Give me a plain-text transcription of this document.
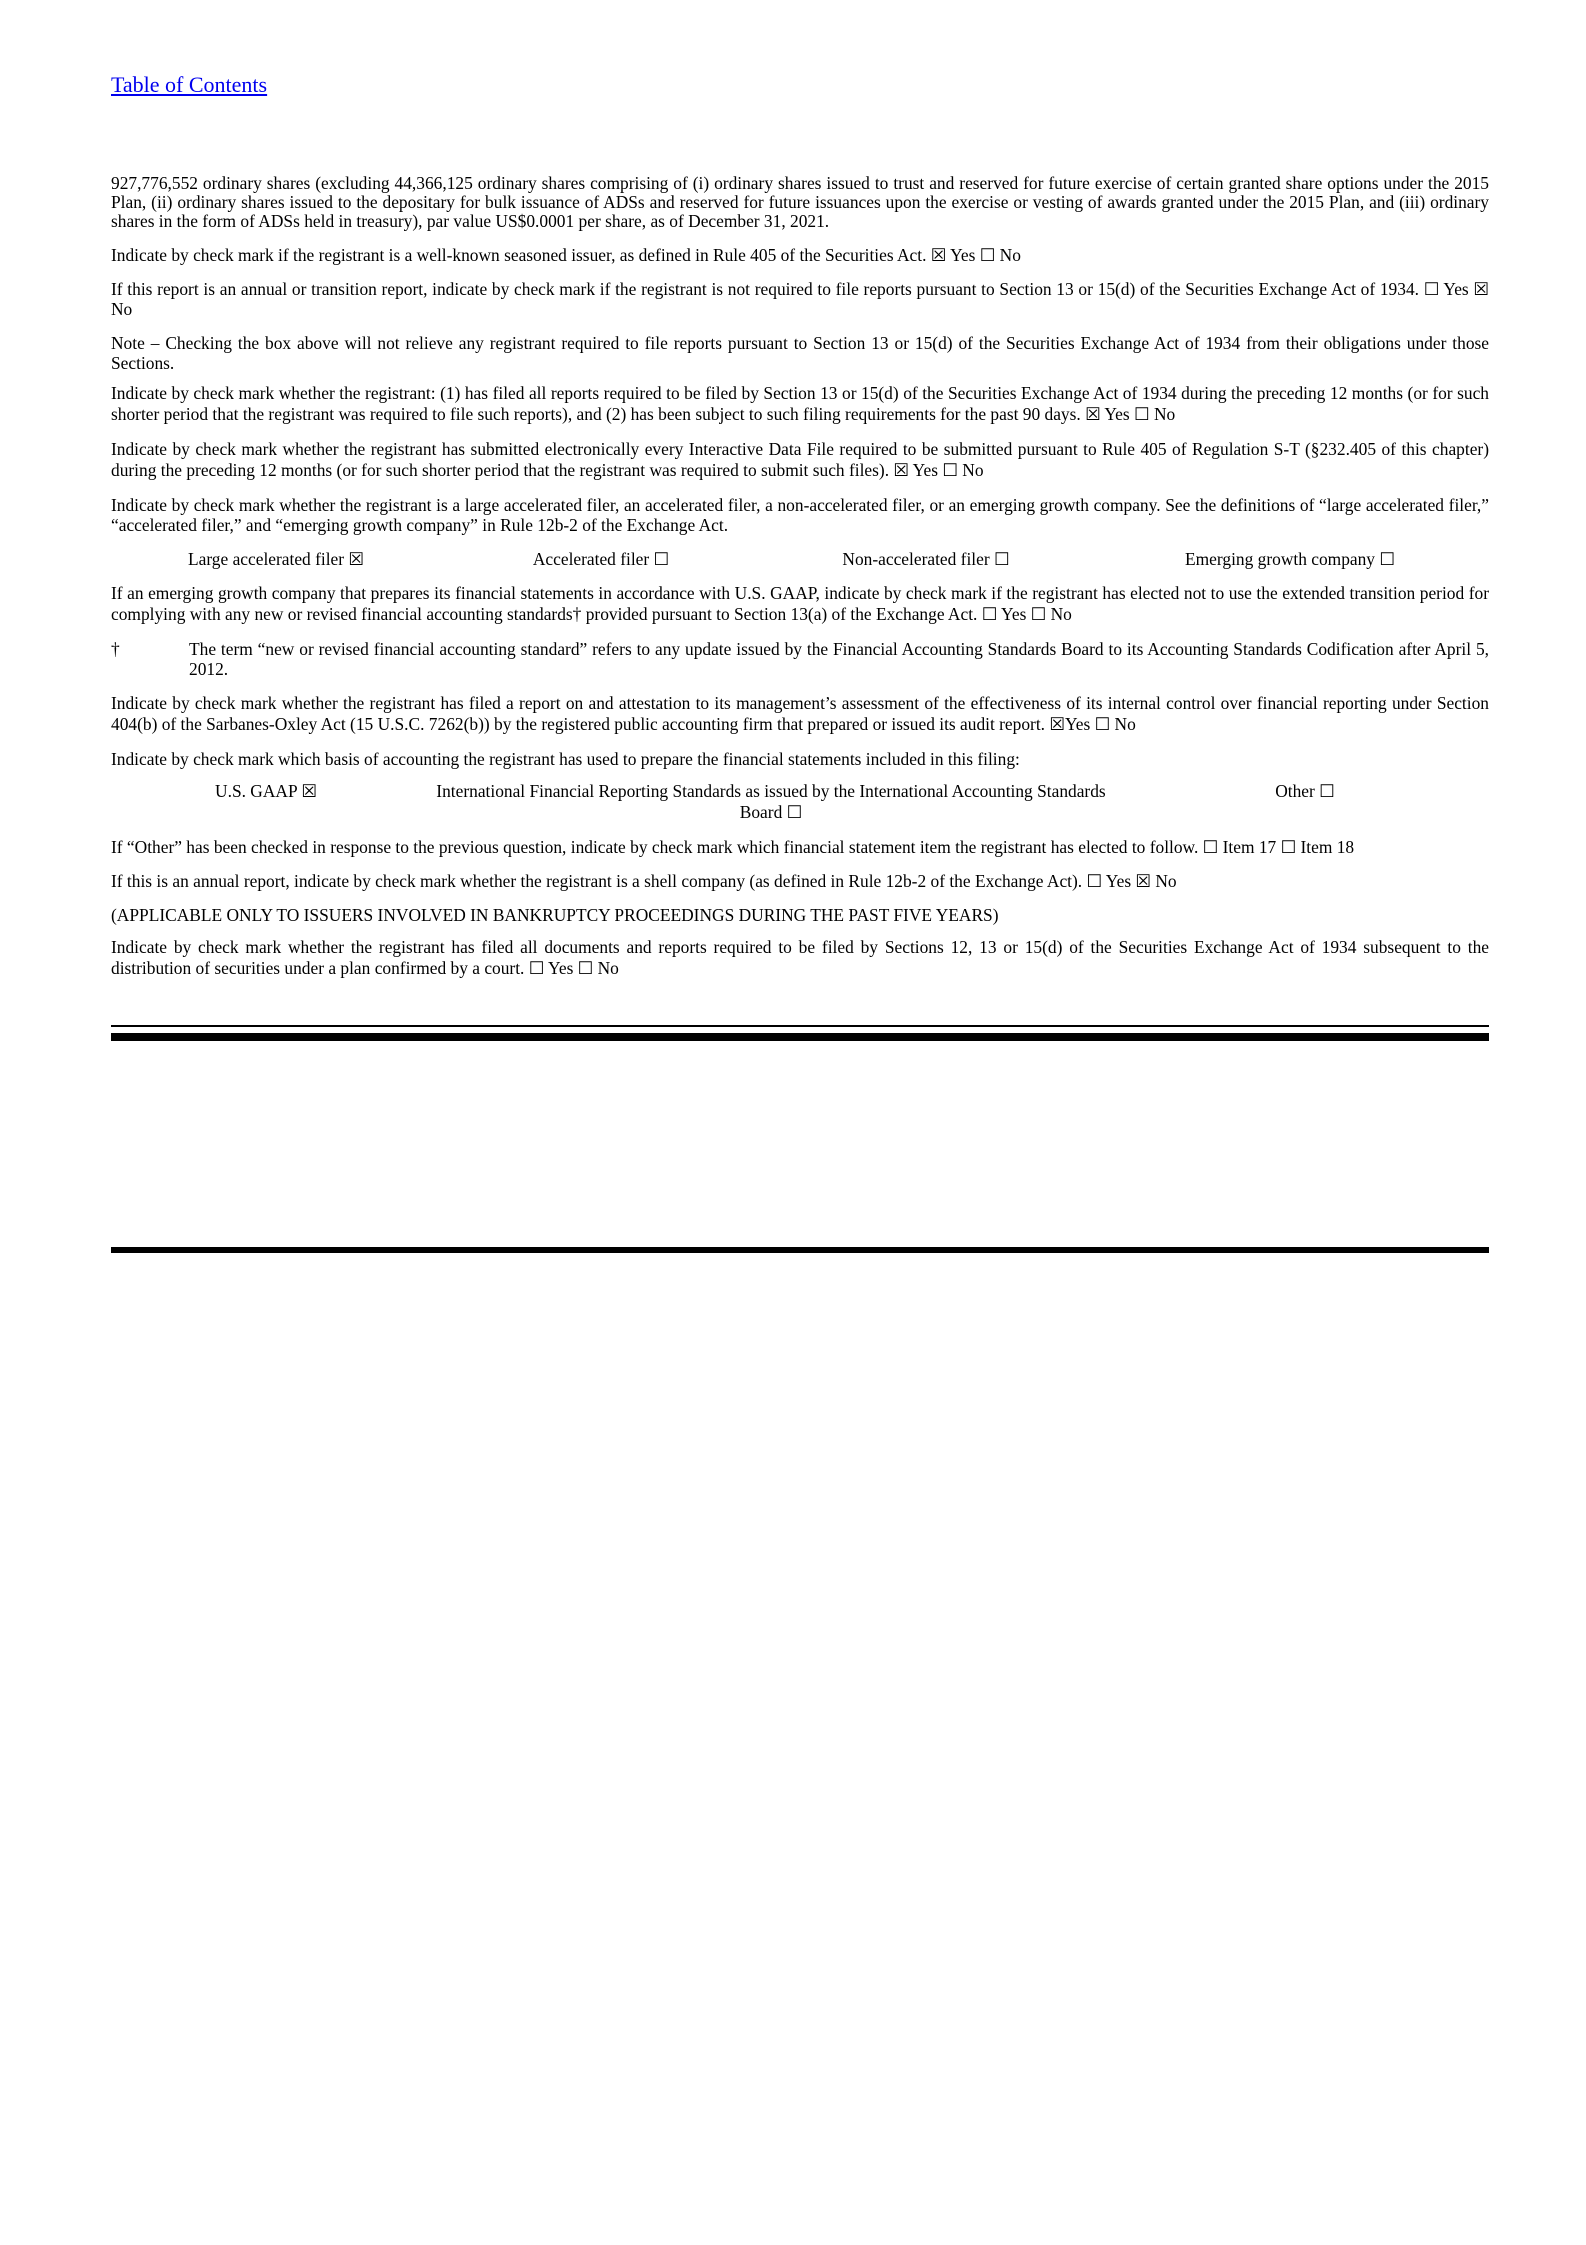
Table of Contents

927,776,552 ordinary shares (excluding 44,366,125 ordinary shares comprising of (i) ordinary shares issued to trust and reserved for future exercise of certain granted share options under the 2015 Plan, (ii) ordinary shares issued to the depositary for bulk issuance of ADSs and reserved for future issuances upon the exercise or vesting of awards granted under the 2015 Plan, and (iii) ordinary shares in the form of ADSs held in treasury), par value US$0.0001 per share, as of December 31, 2021.

Indicate by check mark if the registrant is a well-known seasoned issuer, as defined in Rule 405 of the Securities Act. ☒ Yes ☐ No

If this report is an annual or transition report, indicate by check mark if the registrant is not required to file reports pursuant to Section 13 or 15(d) of the Securities Exchange Act of 1934. ☐ Yes ☒ No

Note – Checking the box above will not relieve any registrant required to file reports pursuant to Section 13 or 15(d) of the Securities Exchange Act of 1934 from their obligations under those Sections.

Indicate by check mark whether the registrant: (1) has filed all reports required to be filed by Section 13 or 15(d) of the Securities Exchange Act of 1934 during the preceding 12 months (or for such shorter period that the registrant was required to file such reports), and (2) has been subject to such filing requirements for the past 90 days. ☒ Yes ☐ No

Indicate by check mark whether the registrant has submitted electronically every Interactive Data File required to be submitted pursuant to Rule 405 of Regulation S-T (§232.405 of this chapter) during the preceding 12 months (or for such shorter period that the registrant was required to submit such files). ☒ Yes ☐ No

Indicate by check mark whether the registrant is a large accelerated filer, an accelerated filer, a non-accelerated filer, or an emerging growth company. See the definitions of “large accelerated filer,” “accelerated filer,” and “emerging growth company” in Rule 12b-2 of the Exchange Act.

Large accelerated filer ☒	Accelerated filer ☐	Non-accelerated filer ☐	Emerging growth company ☐

If an emerging growth company that prepares its financial statements in accordance with U.S. GAAP, indicate by check mark if the registrant has elected not to use the extended transition period for complying with any new or revised financial accounting standards† provided pursuant to Section 13(a) of the Exchange Act. ☐ Yes ☐ No

†	The term “new or revised financial accounting standard” refers to any update issued by the Financial Accounting Standards Board to its Accounting Standards Codification after April 5, 2012.

Indicate by check mark whether the registrant has filed a report on and attestation to its management’s assessment of the effectiveness of its internal control over financial reporting under Section 404(b) of the Sarbanes-Oxley Act (15 U.S.C. 7262(b)) by the registered public accounting firm that prepared or issued its audit report. ☒Yes ☐ No

Indicate by check mark which basis of accounting the registrant has used to prepare the financial statements included in this filing:

U.S. GAAP ☒	International Financial Reporting Standards as issued by the International Accounting Standards Board ☐
Other ☐

If “Other” has been checked in response to the previous question, indicate by check mark which financial statement item the registrant has elected to follow. ☐ Item 17 ☐ Item 18

If this is an annual report, indicate by check mark whether the registrant is a shell company (as defined in Rule 12b-2 of the Exchange Act). ☐ Yes ☒ No

(APPLICABLE ONLY TO ISSUERS INVOLVED IN BANKRUPTCY PROCEEDINGS DURING THE PAST FIVE YEARS)

Indicate by check mark whether the registrant has filed all documents and reports required to be filed by Sections 12, 13 or 15(d) of the Securities Exchange Act of 1934 subsequent to the distribution of securities under a plan confirmed by a court. ☐ Yes ☐ No
